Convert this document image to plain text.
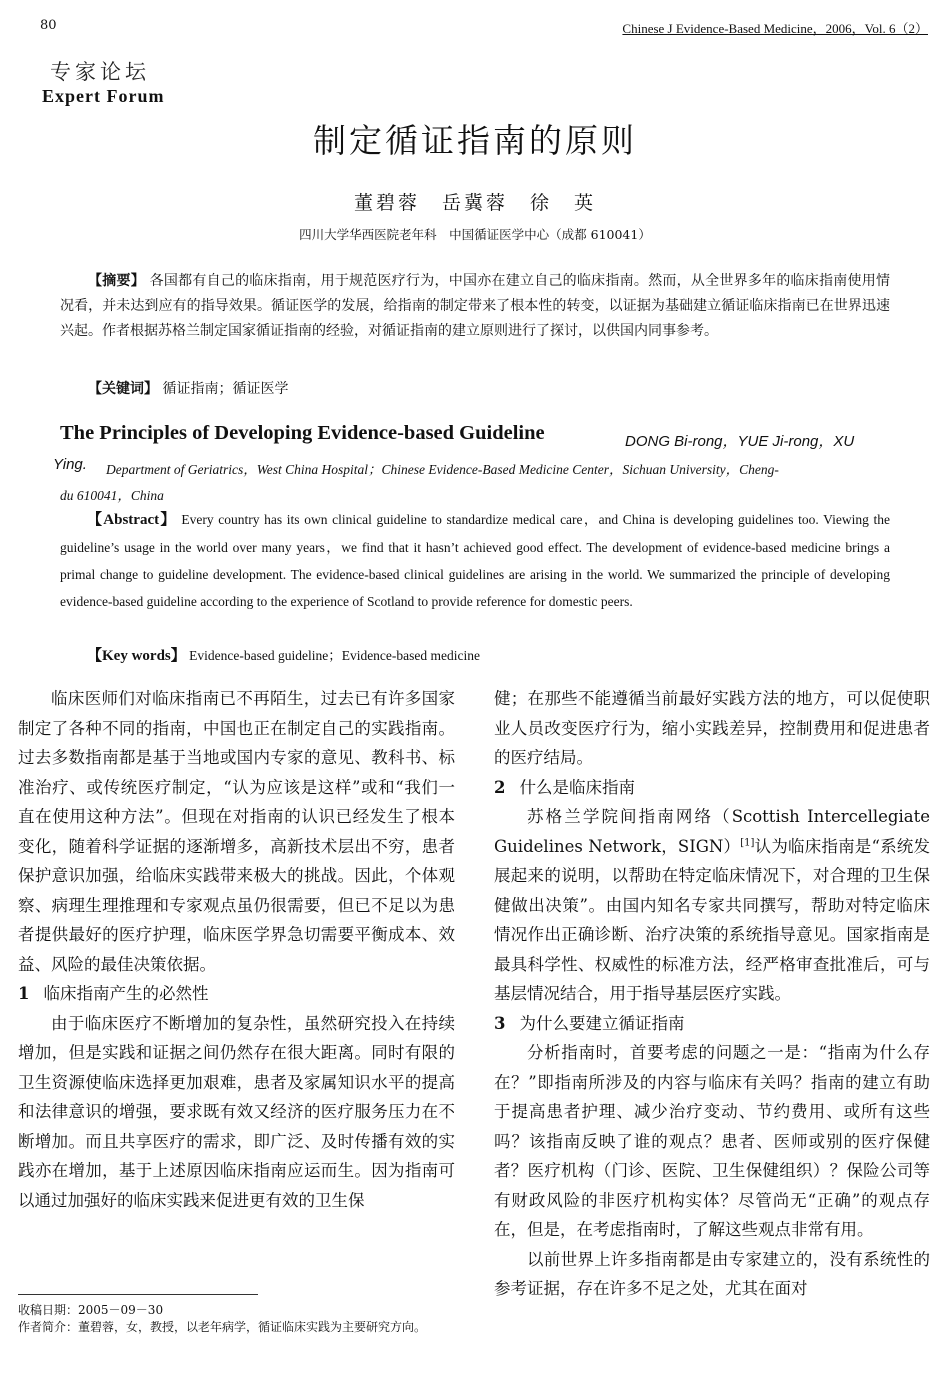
80	Chinese J Evidence-Based Medicine，2006，Vol. 6（2）
专家论坛
Expert Forum
制定循证指南的原则
董碧蓉　岳冀蓉　徐　英
四川大学华西医院老年科　中国循证医学中心（成都 610041）
【摘要】 各国都有自己的临床指南，用于规范医疗行为，中国亦在建立自己的临床指南。然而，从全世界多年的临床指南使用情况看，并未达到应有的指导效果。循证医学的发展，给指南的制定带来了根本性的转变，以证据为基础建立循证临床指南已在世界迅速兴起。作者根据苏格兰制定国家循证指南的经验，对循证指南的建立原则进行了探讨，以供国内同事参考。
【关键词】 循证指南；循证医学
The Principles of Developing Evidence-based Guideline	DONG Bi-rong，YUE Ji-rong，XU
Ying. Department of Geriatrics，West China Hospital；Chinese Evidence-Based Medicine Center，Sichuan University，Cheng-
du 610041，China
【Abstract】 Every country has its own clinical guideline to standardize medical care，and China is developing guidelines too. Viewing the guideline’s usage in the world over many years，we find that it hasn’t achieved good effect. The development of evidence-based medicine brings a primal change to guideline development. The evidence-based clinical guidelines are arising in the world. We summarized the principle of developing evidence-based guideline according to the experience of Scotland to provide reference for domestic peers.
【Key words】 Evidence-based guideline；Evidence-based medicine

临床医师们对临床指南已不再陌生，过去已有许多国家制定了各种不同的指南，中国也正在制定自己的实践指南。过去多数指南都是基于当地或国内专家的意见、教科书、标准治疗、或传统医疗制定，“认为应该是这样”或和“我们一直在使用这种方法”。但现在对指南的认识已经发生了根本变化，随着科学证据的逐渐增多，高新技术层出不穷，患者保护意识加强，给临床实践带来极大的挑战。因此，个体观察、病理生理推理和专家观点虽仍很需要，但已不足以为患者提供最好的医疗护理，临床医学界急切需要平衡成本、效益、风险的最佳决策依据。

1 临床指南产生的必然性

由于临床医疗不断增加的复杂性，虽然研究投入在持续增加，但是实践和证据之间仍然存在很大距离。同时有限的卫生资源使临床选择更加艰难，患者及家属知识水平的提高和法律意识的增强，要求既有效又经济的医疗服务压力在不断增加。而且共享医疗的需求，即广泛、及时传播有效的实践亦在增加，基于上述原因临床指南应运而生。因为指南可以通过加强好的临床实践来促进更有效的卫生保

健；在那些不能遵循当前最好实践方法的地方，可以促使职业人员改变医疗行为，缩小实践差异，控制费用和促进患者的医疗结局。

2 什么是临床指南

苏格兰学院间指南网络（Scottish Intercellegiate Guidelines Network，SIGN）[1]认为临床指南是“系统发展起来的说明，以帮助在特定临床情况下，对合理的卫生保健做出决策”。由国内知名专家共同撰写，帮助对特定临床情况作出正确诊断、治疗决策的系统指导意见。国家指南是最具科学性、权威性的标准方法，经严格审查批准后，可与基层情况结合，用于指导基层医疗实践。

3 为什么要建立循证指南

分析指南时，首要考虑的问题之一是：“指南为什么存在？”即指南所涉及的内容与临床有关吗？指南的建立有助于提高患者护理、减少治疗变动、节约费用、或所有这些吗？该指南反映了谁的观点？患者、医师或别的医疗保健者？医疗机构（门诊、医院、卫生保健组织）？保险公司等有财政风险的非医疗机构实体？尽管尚无“正确”的观点存在，但是，在考虑指南时，了解这些观点非常有用。

以前世界上许多指南都是由专家建立的，没有系统性的参考证据，存在许多不足之处，尤其在面对

收稿日期：2005－09－30
作者简介：董碧蓉，女，教授，以老年病学，循证临床实践为主要研究方向。
